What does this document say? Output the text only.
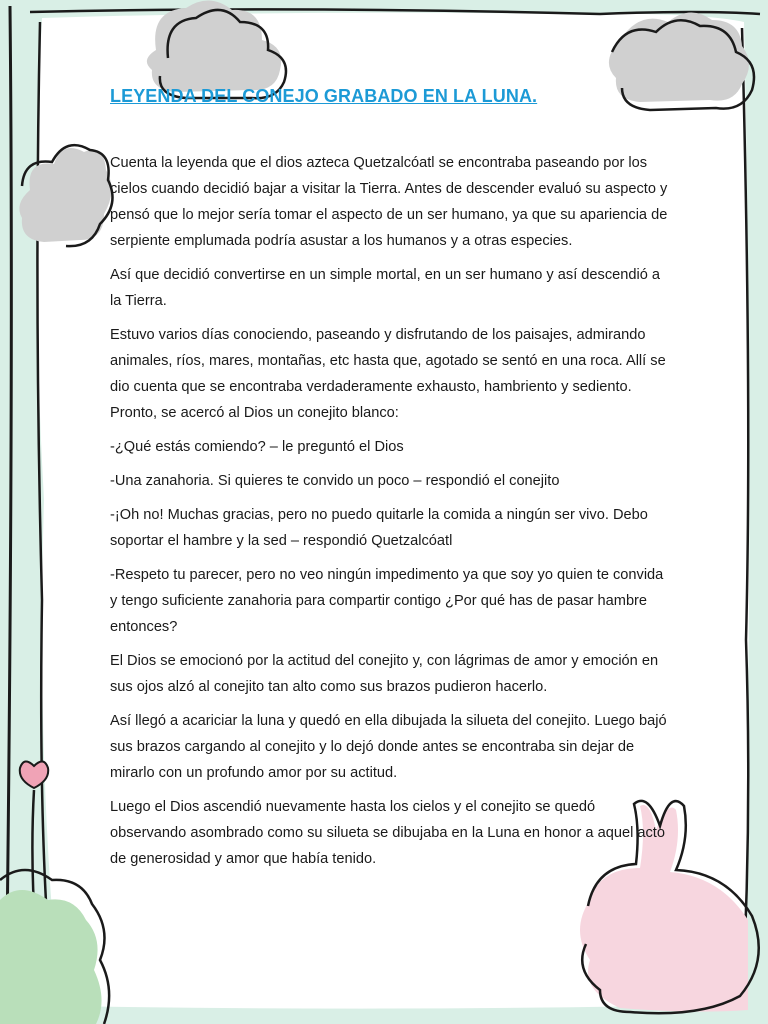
LEYENDA DEL CONEJO GRABADO EN LA LUNA.

Cuenta la leyenda que el dios azteca Quetzalcóatl se encontraba paseando por los cielos cuando decidió bajar a visitar la Tierra. Antes de descender evaluó su aspecto y pensó que lo mejor sería tomar el aspecto de un ser humano, ya que su apariencia de serpiente emplumada podría asustar a los humanos y a otras especies.

Así que decidió convertirse en un simple mortal, en un ser humano y así descendió a la Tierra.

Estuvo varios días conociendo, paseando y disfrutando de los paisajes, admirando animales, ríos, mares, montañas, etc hasta que, agotado se sentó en una roca. Allí se dio cuenta que se encontraba verdaderamente exhausto, hambriento y sediento. Pronto, se acercó al Dios un conejito blanco:

-¿Qué estás comiendo? – le preguntó el Dios

-Una zanahoria. Si quieres te convido un poco – respondió el conejito

-¡Oh no! Muchas gracias, pero no puedo quitarle la comida a ningún ser vivo. Debo soportar el hambre y la sed – respondió Quetzalcóatl

-Respeto tu parecer, pero no veo ningún impedimento ya que soy yo quien te convida y tengo suficiente zanahoria para compartir contigo ¿Por qué has de pasar hambre entonces?

El Dios se emocionó por la actitud del conejito y, con lágrimas de amor y emoción en sus ojos alzó al conejito tan alto como sus brazos pudieron hacerlo.

Así llegó a acariciar la luna y quedó en ella dibujada la silueta del conejito. Luego bajó sus brazos cargando al conejito y lo dejó donde antes se encontraba sin dejar de mirarlo con un profundo amor por su actitud.

Luego el Dios ascendió nuevamente hasta los cielos y el conejito se quedó observando asombrado como su silueta se dibujaba en la Luna en honor a aquel acto de generosidad y amor que había tenido.
